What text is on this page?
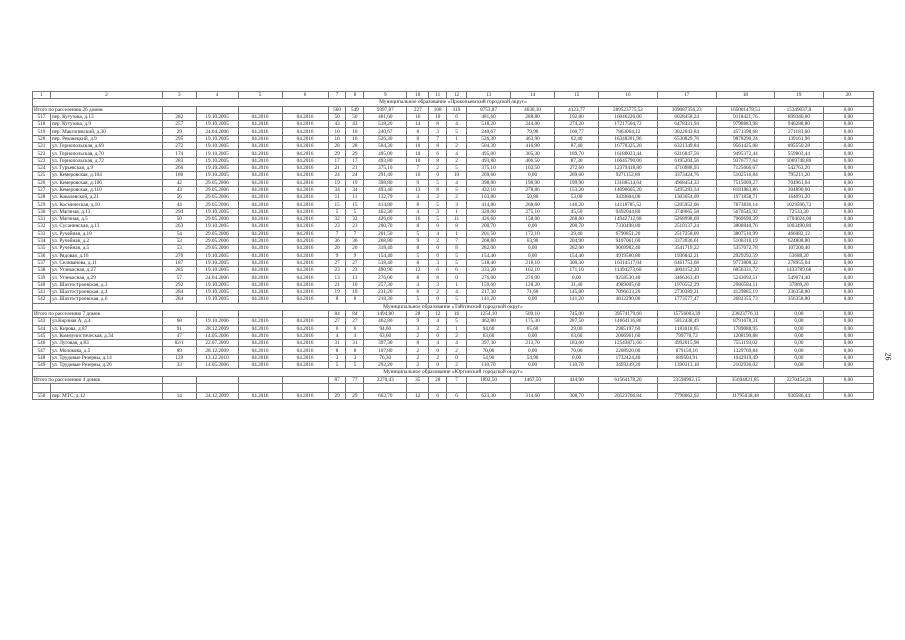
26
1	2	3	4	5	6	7	8	9	10	11	12	13	14	15	16	17	18	19	20
Муниципальное образование «Прокопьевский городской округ»																			
Итого по расселению 26 домов						560	549	9397,87	227	108	119	8753,87	4630,10	4123,77	289523775,52	109087356,23	165001478,51	15349037,0	0,00
517	пер. Кутузова, д.13	282	19.10.2005	04.2016	04.2016	50	50	481,60	16	10	6	481,60	288,80	192,80	16046226,00	6028458,24	9118421,76	899346,00	0,00
518	пер. Кутузова, д.9	257	19.10.2005	04.2016	04.2016	43	43	518,20	14	8	4	518,20	244,00	274,20	17217504,72	6478331,94	9798883,98	940288,80	0,00
519	пер. Макгопевский, д.30	29	24.04.2006	04.2016	04.2016	10	10	240,67	8	3	5	240,67	79,90	160,77	7863064,12	3022643,84	4571398,68	271183,60	0,00
520	пер. Рековецкий, д.9	295	19.10.2005	04.2016	04.2016	16	16	526,30	8	7	1	526,30	463,90	62,40	16348281,96	6530829,76	9878290,24	139161,96	0,00
521	ул. Горнопольская, д.69	272	19.10.2005	04.2016	04.2016	28	28	504,30	10	8	2	504,30	416,90	87,40	16778325,20	6321349,84	9561425,08	895550,28	0,00
522	ул. Горнопольская, д.70	174	19.10.2005	04.2016	04.2016	29	29	495,00	10	6	4	495,00	305,30	189,70	16180023,44	6216847,56	9495372,44	559803,44	0,00
523	ул. Горнопольская, д.72	283	19.10.2005	04.2016	04.2016	17	17	493,80	10	8	2	493,80	406,50	87,30	16645790,00	6195204,56	9376777,64	1069748,80	0,00
524	ул. Гурьевская, д.9	266	19.10.2005	04.2016	04.2016	21	21	375,10	7	2	5	375,10	102,50	272,60	12379418,80	4710988,93	7125666,67	542763,20	0,00
525	ул. Кемеровская, д.104	180	19.10.2005	04.2016	04.2016	24	24	291,40	10	0	10	269,60	0,00	269,60	9271152,80	3373424,76	5102516,84	795211,20	0,00
526	ул. Кемеровская, д.106	42	29.05.2006	04.2016	04.2016	19	19	398,80	9	5	4	398,80	198,90	199,90	13188514,64	4968454,33	7515009,27	704961,04	0,00
527	ул. Кемеровская, д.110	43	29.05.2006	04.2016	04.2016	34	34	493,40	13	8	5	432,10	278,86	153,20	14096605,20	5495283,34	8181883,86	304890,00	0,00
528	ул. Ковалевской, д.21	56	29.05.2006	04.2016	04.2016	11	11	132,79	4	2	2	103,80	50,80	53,00	3439604,00	1303654,09	1971858,71	164091,20	0,00
529	ул. Космическая, д.10	44	29.05.2006	04.2016	04.2016	15	15	414,80	8	5	3	414,80	268,60	146,20	14118785,52	5205952,66	7873836,14	1029596,72	0,00
530	ул. Магнная, д.13	294	19.10.2005	04.2016	04.2016	5	5	462,30	4	3	1	320,60	275,10	45,50	9492044,80	3748665,58	5670545,92	72533,30	0,00
531	ул. Магнная, д.5	50	29.05.2006	04.2016	04.2016	32	32	426,60	16	5	11	426,60	158,00	268,60	14942712,68	5268998,69	7969690,39	1704024,00	0,00
532	ул. Сусанинская, д.13	263	19.10.2005	04.2016	04.2016	23	23	200,70	8	0	8	200,70	0,00	200,70	7330498,80	2510137,24	3808840,76	1003490,80	0,00
533	ул. Ручейная, д.10	54	29.05.2006	04.2016	04.2016	7	7	201,50	5	4	1	201,50	172,10	29,40	6790851,20	2517258,09	3807510,99	466082,12	0,00
534	ул. Ручейная, д.2	53	29.05.2006	04.2016	04.2016	36	36	268,80	9	2	7	268,80	63,90	204,90	9107061,60	3373936,61	5106316,19	624808,80	0,00
535	ул. Ручейная, д.5	53	29.05.2006	04.2016	04.2016	20	20	318,40	8	0	8	282,00	0,00	282,00	9069982,40	3541719,22	5357072,78	107200,40	0,00
536	ул. Рядовая, д.16	270	19.10.2005	04.2016	04.2016	9	9	154,40	5	0	5	154,40	0,00	154,40	4919580,80	1936842,21	2929292,59	53688,20	0,00
537	ул. Селиванова, д.11	187	19.10.2005	04.2016	04.2016	27	27	518,40	8	3	5	518,40	218,10	300,30	16314517,04	6461753,68	9773808,32	278955,04	0,00
538	ул. Углекосная, д.27	285	19.10.2005	04.2016	04.2016	23	23	490,90	12	6	6	333,20	162,10	171,10	11494273,60	4004152,20	6056331,72	1433789,68	0,00
539	ул. Углекосная, д.29	57	24.04.2006	04.2016	04.2016	13	13	276,00	8	8	0	276,00	276,00	0,00	9258530,40	3466363,49	5243092,51	549074,40	0,00
540	ул. Шахтостроевская, д.3	292	19.10.2005	04.2016	04.2016	21	10	257,30	4	3	1	159,60	128,20	31,40	4989005,60	1970552,29	2980584,11	37869,20	0,00
541	ул. Шахтостроевская, д.4	284	19.10.2005	04.2016	04.2016	19	19	231,20	6	2	4	217,30	71,60	145,80	7096633,20	2730389,21	4129885,19	236358,80	0,00
542	ул. Шахтостроевская, д.6	284	19.10.2005	04.2016	04.2016	8	8	218,30	5	0	5	141,20	0,00	141,20	4812290,00	1773577,47	2682355,73	356358,80	0,00
Муниципальное образование «Тайгинский городской округ»																			
Итого по расселению 7 домов						84	84	1494,80	28	12	16	1254,10	509,10	745,00	39574179,60	15756003,39	23823776,31	0,00	0,00
543	ул.Кирзная А, д.4	68	19.10.2006	04.2016	04.2016	27	27	462,80	9	4	5	462,80	175,30	287,50	14664116,80	5812438,49	8791678,31	0,00	0,00
544	ул. Кирова, д.87	91	28.12.2009	04.2016	04.2016	6	6	94,60	3	2	1	94,60	65,60	29,00	2985197,60	1183018,65	1789088,95	0,00	0,00
545	ул. Коммунистическая, д.34	47	14.05.2006	04.2016	04.2016	4	4	63,60	2	0	2	63,60	0,00	63,60	2006961,60	799770,72	1208190,88	0,00	0,00
546	ул. Луговая, д.83	82/1	22.07.2009	04.2016	04.2016	31	31	397,30	8	4	4	397,30	213,70	183,60	12543871,60	4992015,98	7551193,02	0,00	0,00
547	ул. Молокова, д.5	89	28.12.2009	04.2016	04.2016	8	8	107,80	2	0	2	70,00	0,00	70,00	2208920,00	879150,16	1329769,84	0,00	0,00
548	ул. Трудовые Резервы, д.14	129	13.12.2010	04.2016	04.2016	3	3	76,30	2	2	0	54,90	54,90	0,00	1732424,40	689504,91	1042919,49	0,00	0,00
549	ул. Трудовые Резервы, д.26	33	14.05.2006	04.2016	04.2016	5	5	292,20	2	0	2	110,70	0,00	110,70	3493249,20	1390313,18	2102936,02	0,00	0,00
Муниципальное образование «Юргинский городской округ»																			
Итого по расселению 4 домов						87	77	2270,43	35	28	7	1892,50	1467,50	414,90	61564178,20	23598902,15	35694821,85	2270454,20	0,00

550	пер. МТС, д.12	14	24.12.2009	04.2016	04.2016	29	29	663,70	12	6	6	623,30	314,60	308,70	20523706,84	7798062,92	11795038,48	930586,44	0,00
